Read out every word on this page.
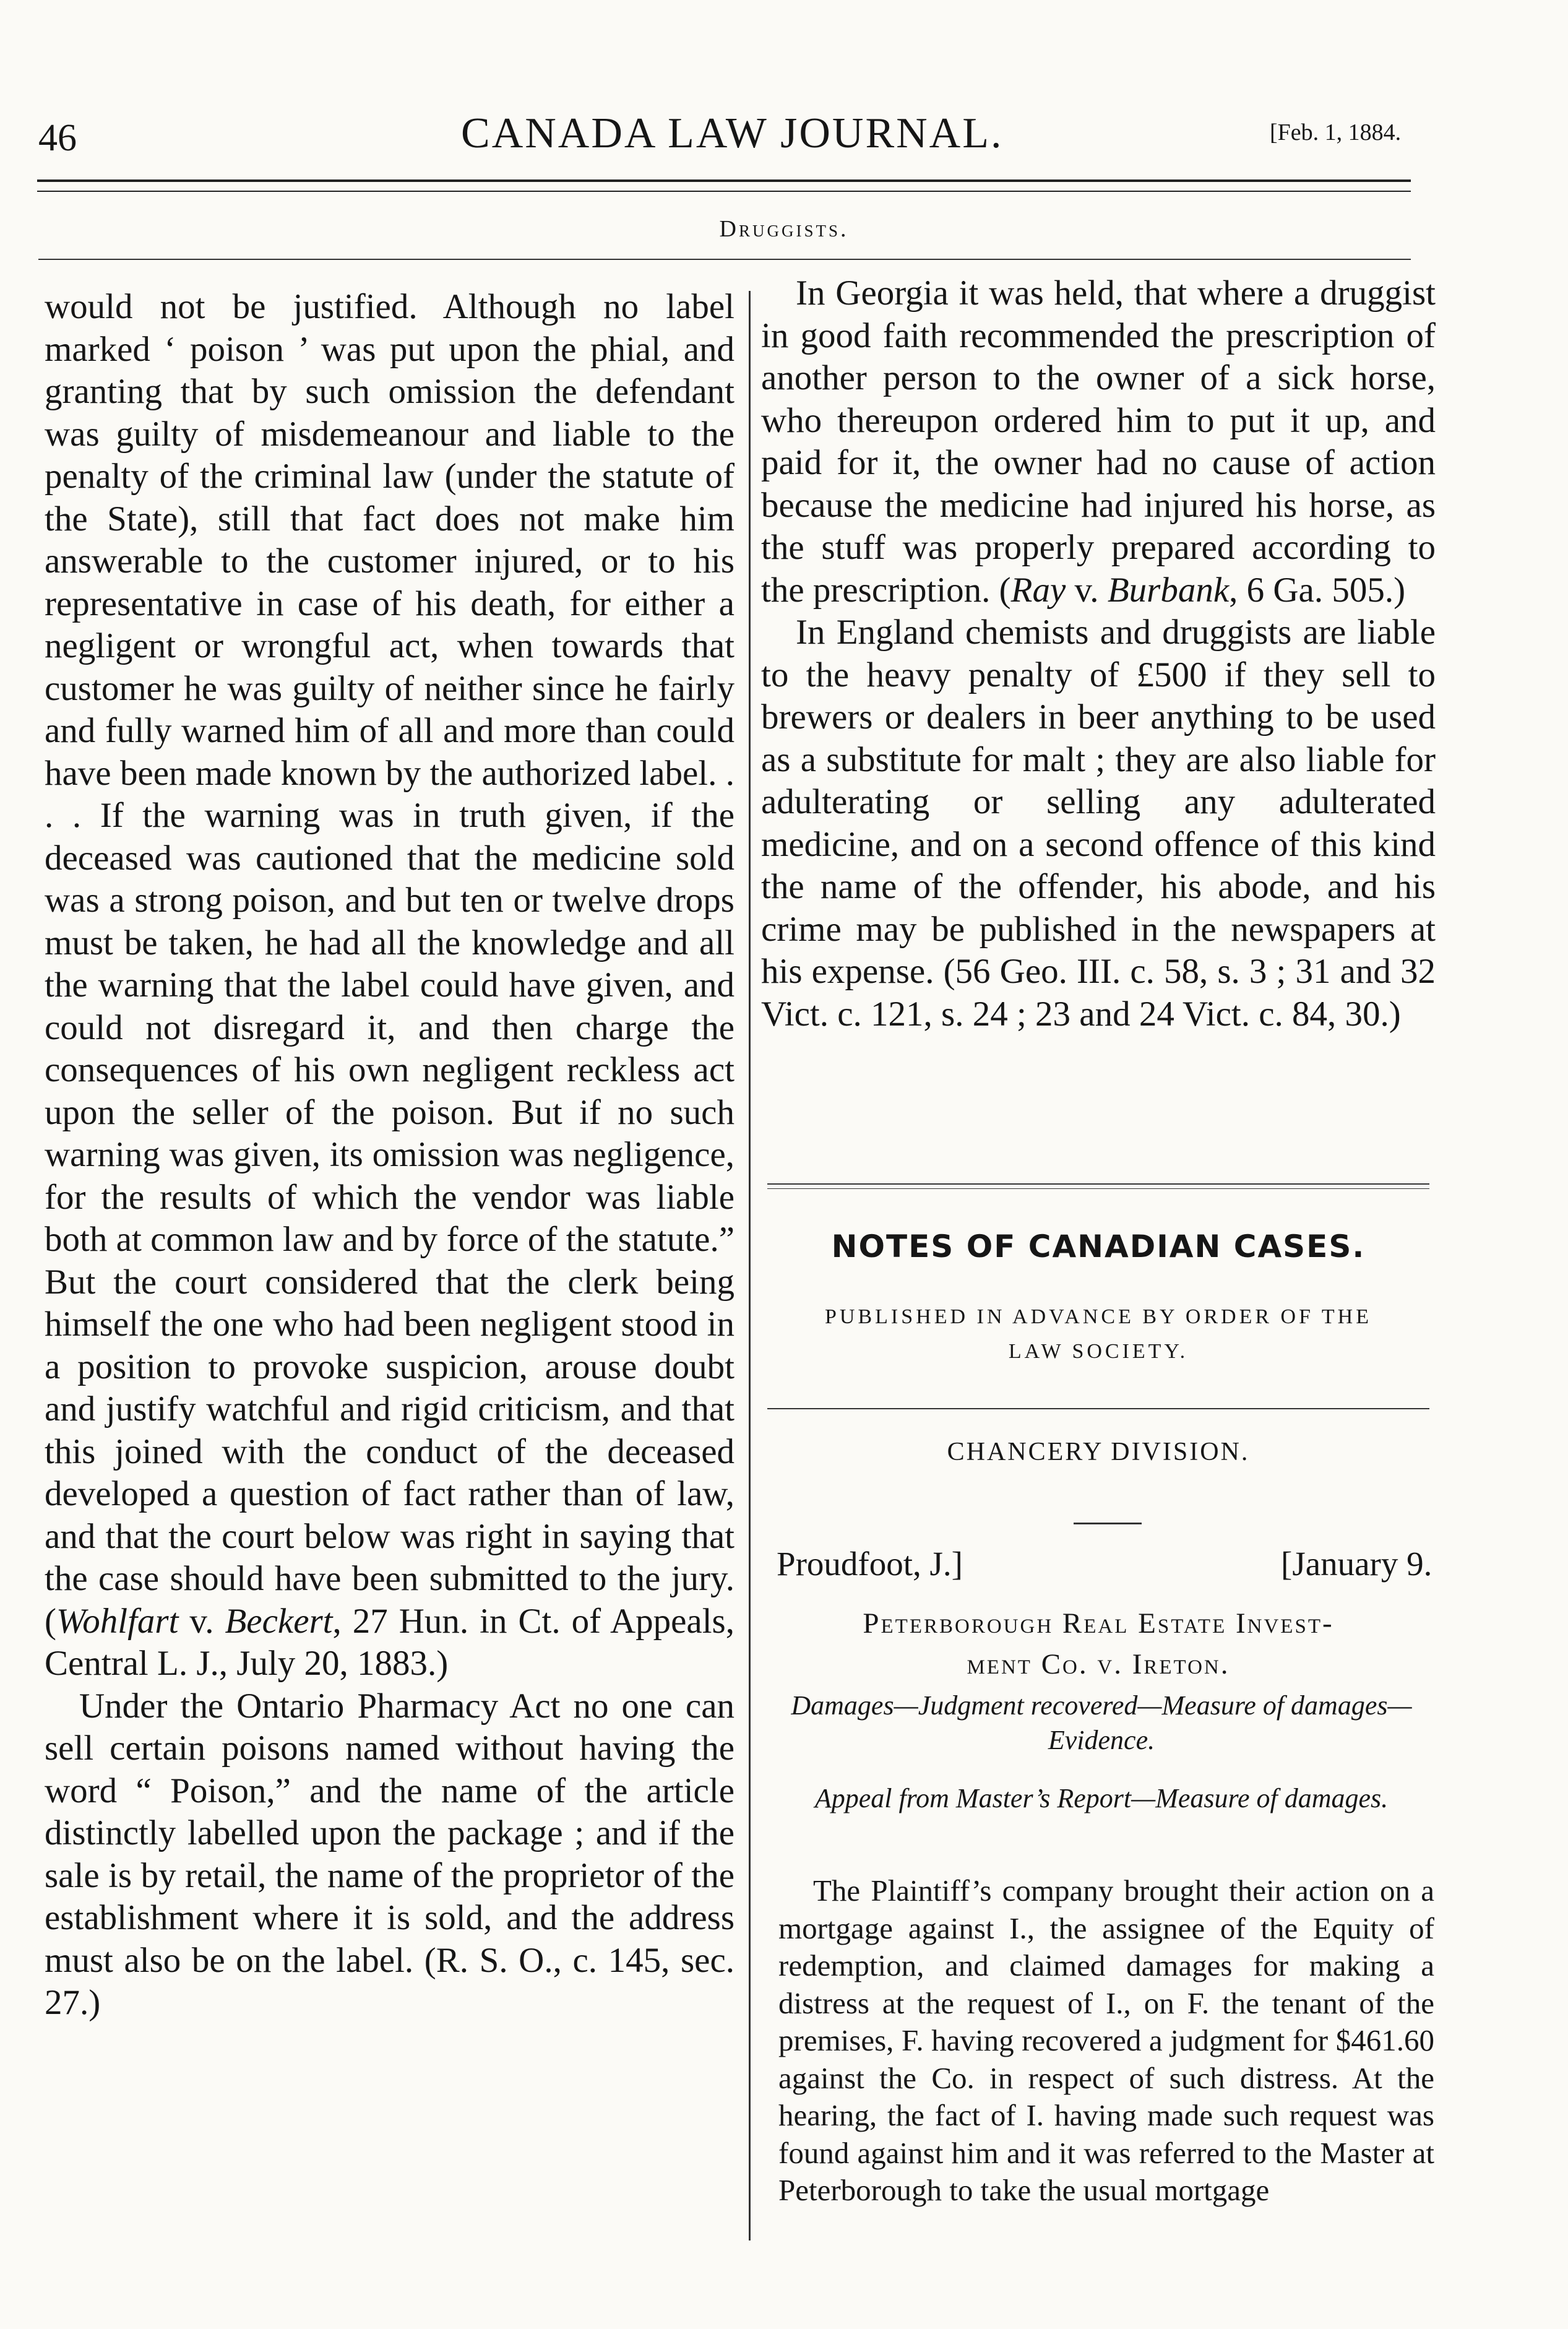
46	CANADA LAW JOURNAL.	[Feb. 1, 1884.
Druggists.

would not be justified. Although no label marked ‘ poison ’ was put upon the phial, and granting that by such omission the defendant was guilty of misdemeanour and liable to the penalty of the criminal law (under the statute of the State), still that fact does not make him answerable to the customer injured, or to his representative in case of his death, for either a negligent or wrongful act, when towards that customer he was guilty of neither since he fairly and fully warned him of all and more than could have been made known by the authorized label. . . . If the warning was in truth given, if the deceased was cautioned that the medicine sold was a strong poison, and but ten or twelve drops must be taken, he had all the knowledge and all the warning that the label could have given, and could not disregard it, and then charge the consequences of his own negligent reckless act upon the seller of the poison. But if no such warning was given, its omission was negligence, for the results of which the vendor was liable both at common law and by force of the statute.” But the court considered that the clerk being himself the one who had been negligent stood in a position to provoke suspicion, arouse doubt and justify watchful and rigid criticism, and that this joined with the conduct of the deceased developed a question of fact rather than of law, and that the court below was right in saying that the case should have been submitted to the jury. (Wohlfart v. Beckert, 27 Hun. in Ct. of Appeals, Central L. J., July 20, 1883.)

Under the Ontario Pharmacy Act no one can sell certain poisons named without having the word “ Poison,” and the name of the article distinctly labelled upon the package ; and if the sale is by retail, the name of the proprietor of the establishment where it is sold, and the address must also be on the label. (R. S. O., c. 145, sec. 27.)

In Georgia it was held, that where a druggist in good faith recommended the prescription of another person to the owner of a sick horse, who thereupon ordered him to put it up, and paid for it, the owner had no cause of action because the medicine had injured his horse, as the stuff was properly prepared according to the prescription. (Ray v. Burbank, 6 Ga. 505.)

In England chemists and druggists are liable to the heavy penalty of £500 if they sell to brewers or dealers in beer anything to be used as a substitute for malt ; they are also liable for adulterating or selling any adulterated medicine, and on a second offence of this kind the name of the offender, his abode, and his crime may be published in the newspapers at his expense. (56 Geo. III. c. 58, s. 3 ; 31 and 32 Vict. c. 121, s. 24 ; 23 and 24 Vict. c. 84, 30.)

NOTES OF CANADIAN CASES.
PUBLISHED IN ADVANCE BY ORDER OF THE
LAW SOCIETY.
CHANCERY DIVISION.
Proudfoot, J.]	[January 9.
Peterborough Real Estate Invest-
ment Co. v. Ireton.
Damages—Judgment recovered—Measure of damages—Evidence.
Appeal from Master’s Report—Measure of damages.

The Plaintiff’s company brought their action on a mortgage against I., the assignee of the Equity of redemption, and claimed damages for making a distress at the request of I., on F. the tenant of the premises, F. having recovered a judgment for $461.60 against the Co. in respect of such distress. At the hearing, the fact of I. having made such request was found against him and it was referred to the Master at Peterborough to take the usual mortgage
